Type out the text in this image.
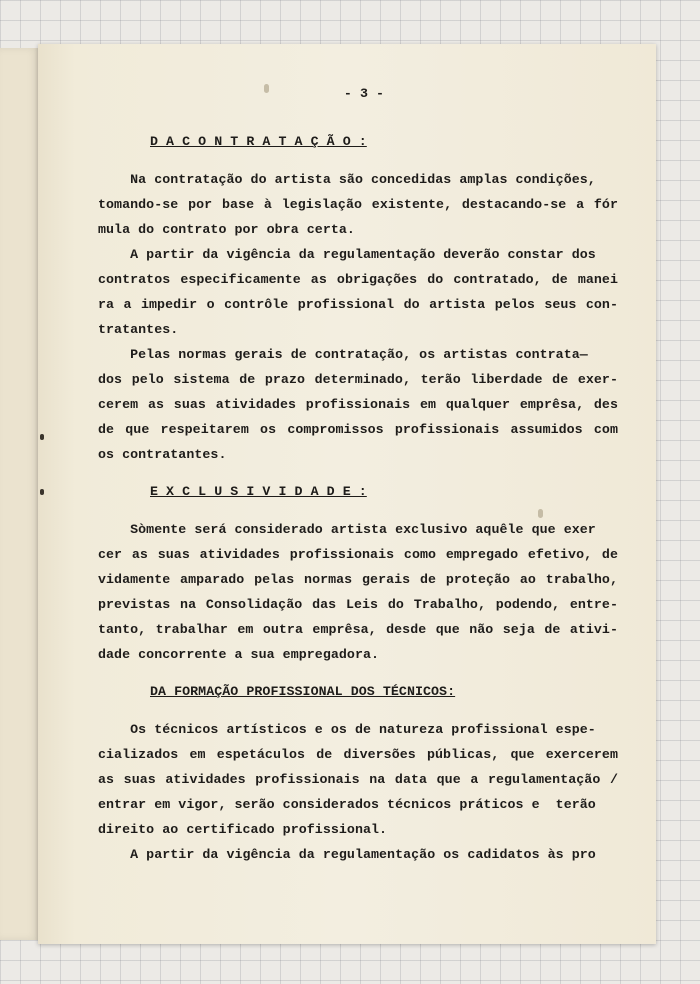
- 3 -
D A C O N T R A T A Ç Ã O :
Na contratação do artista são concedidas amplas condições,
tomando-se por base à legislação existente, destacando-se a fór
mula do contrato por obra certa.
A partir da vigência da regulamentação deverão constar dos
contratos especificamente as obrigações do contratado, de manei
ra a impedir o contrôle profissional do artista pelos seus con-
tratantes.
Pelas normas gerais de contratação, os artistas contrata—
dos pelo sistema de prazo determinado, terão liberdade de exer-
cerem as suas atividades profissionais em qualquer emprêsa, des
de que respeitarem os compromissos profissionais assumidos com
os contratantes.
E X C L U S I V I D A D E :
Sòmente será considerado artista exclusivo aquêle que exer
cer as suas atividades profissionais como empregado efetivo, de
vidamente amparado pelas normas gerais de proteção ao trabalho,
previstas na Consolidação das Leis do Trabalho, podendo, entre-
tanto, trabalhar em outra emprêsa, desde que não seja de ativi-
dade concorrente a sua empregadora.
DA FORMAÇÃO PROFISSIONAL DOS TÉCNICOS:
Os técnicos artísticos e os de natureza profissional espe-
cializados em espetáculos de diversões públicas, que exercerem
as suas atividades profissionais na data que a regulamentação /
entrar em vigor, serão considerados técnicos práticos e  terão
direito ao certificado profissional.
A partir da vigência da regulamentação os cadidatos às pro
